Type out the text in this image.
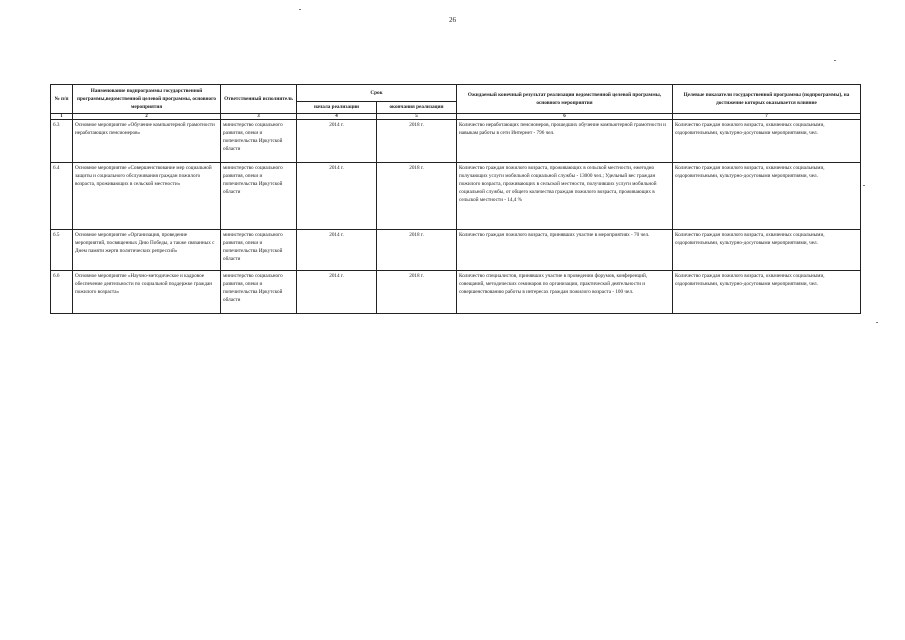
26
№ п/п	Наименование подпрограммы государственной программы,ведомственной целевой программы, основного мероприятия	Ответственный исполнитель	Срок		Ожидаемый конечный результат реализации ведомственной целевой программы, основного мероприятия	Целевые показатели государственной программы (подпрограммы), на достижение которых оказывается влияние
			начала реализации	окончания реализации		
1	2	3	4	5	6	7
6.3	Основное мероприятие «Обучение компьютерной грамотности неработающих пенсионеров»	министерство социального развития, опеки и попечительства Иркутской области	2014 г.	2018 г.	Количество неработающих пенсионеров, прошедших обучение компьютерной грамотности и навыкам работы в сети Интернет - 796 чел.	Количество граждан пожилого возраста, охваченных социальными, оздоровительными, культурно-досуговыми мероприятиями, чел.
6.4	Основное мероприятие «Совершенствование мер социальной защиты и социального обслуживания граждан пожилого возраста, проживающих в сельской местности»	министерство социального развития, опеки и попечительства Иркутской области	2014 г.	2018 г.	Количество граждан пожилого возраста, проживающих в сельской местности, ежегодно получающих услуги мобильной социальной службы - 13000 чел.; Удельный вес граждан пожилого возраста, проживающих в сельской местности, получивших услуги мобильной социальной службы, от общего количества граждан пожилого возраста, проживающих в сельской местности - 14,4 %	Количество граждан пожилого возраста, охваченных социальными, оздоровительными, культурно-досуговыми мероприятиями, чел.
6.5	Основное мероприятие «Организация, проведение мероприятий, посвященных Дню Победы, а также связанных с Днем памяти жертв политических репрессий»	министерство социального развития, опеки и попечительства Иркутской области	2014 г.	2018 г.	Количество граждан пожилого возраста, принявших участие в мероприятиях - 70 чел.	Количество граждан пожилого возраста, охваченных социальными, оздоровительными, культурно-досуговыми мероприятиями, чел.
6.6	Основное мероприятие «Научно-методическое и кадровое обеспечение деятельности по социальной поддержке граждан пожилого возраста»	министерство социального развития, опеки и попечительства Иркутской области	2014 г.	2018 г.	Количество специалистов, принявших участие в проведении форумов, конференций, совещаний, методических семинаров по организации, практической деятельности и совершенствованию работы в интересах граждан пожилого возраста - 100 чел.	Количество граждан пожилого возраста, охваченных социальными, оздоровительными, культурно-досуговыми мероприятиями, чел.
